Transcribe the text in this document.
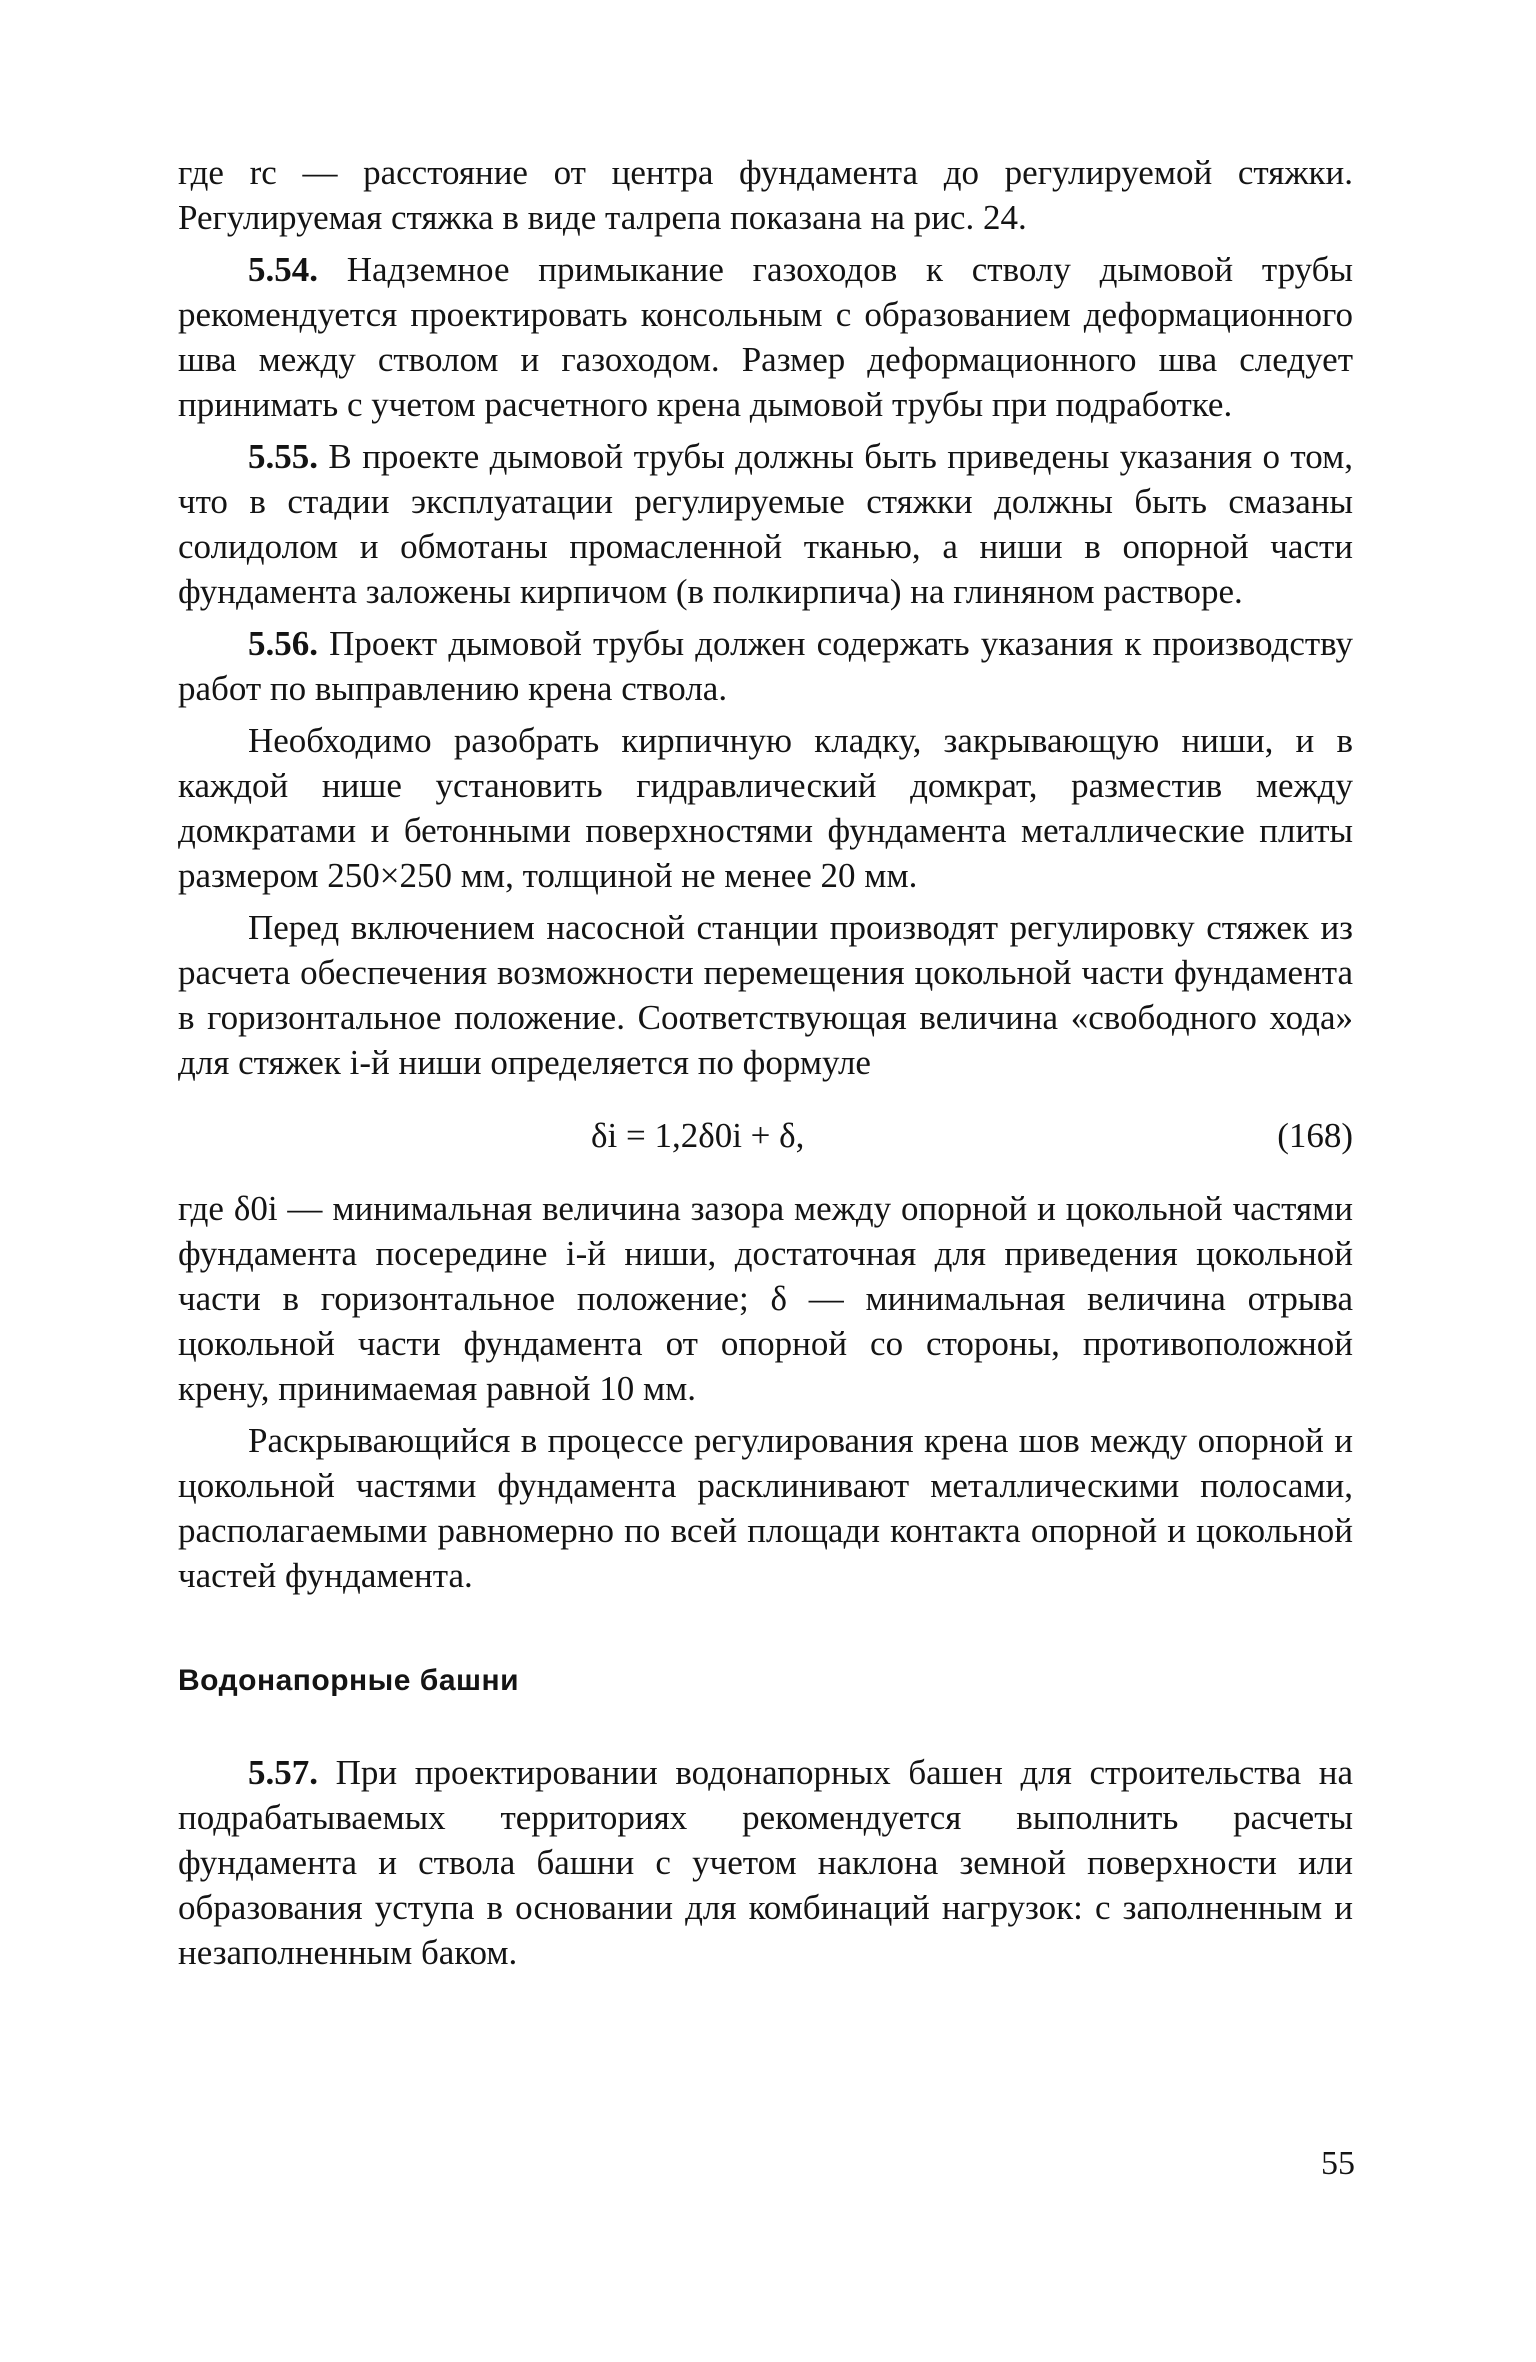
где rc — расстояние от центра фундамента до регулируемой стяжки. Регулируемая стяжка в виде талрепа показана на рис. 24.

5.54. Надземное примыкание газоходов к стволу дымовой трубы рекомендуется проектировать консольным с образованием деформационного шва между стволом и газоходом. Размер деформационного шва следует принимать с учетом расчетного крена дымовой трубы при подработке.

5.55. В проекте дымовой трубы должны быть приведены указания о том, что в стадии эксплуатации регулируемые стяжки должны быть смазаны солидолом и обмотаны промасленной тканью, а ниши в опорной части фундамента заложены кирпичом (в полкирпича) на глиняном растворе.

5.56. Проект дымовой трубы должен содержать указания к производству работ по выправлению крена ствола.

Необходимо разобрать кирпичную кладку, закрывающую ниши, и в каждой нише установить гидравлический домкрат, разместив между домкратами и бетонными поверхностями фундамента металлические плиты размером 250×250 мм, толщиной не менее 20 мм.

Перед включением насосной станции производят регулировку стяжек из расчета обеспечения возможности перемещения цокольной части фундамента в горизонтальное положение. Соответствующая величина «свободного хода» для стяжек i-й ниши определяется по формуле

δi = 1,2δ0i + δ,	(168)

где δ0i — минимальная величина зазора между опорной и цокольной частями фундамента посередине i-й ниши, достаточная для приведения цокольной части в горизонтальное положение; δ — минимальная величина отрыва цокольной части фундамента от опорной со стороны, противоположной крену, принимаемая равной 10 мм.

Раскрывающийся в процессе регулирования крена шов между опорной и цокольной частями фундамента расклинивают металлическими полосами, располагаемыми равномерно по всей площади контакта опорной и цокольной частей фундамента.

Водонапорные башни

5.57. При проектировании водонапорных башен для строительства на подрабатываемых территориях рекомендуется выполнить расчеты фундамента и ствола башни с учетом наклона земной поверхности или образования уступа в основании для комбинаций нагрузок: с заполненным и незаполненным баком.

55
